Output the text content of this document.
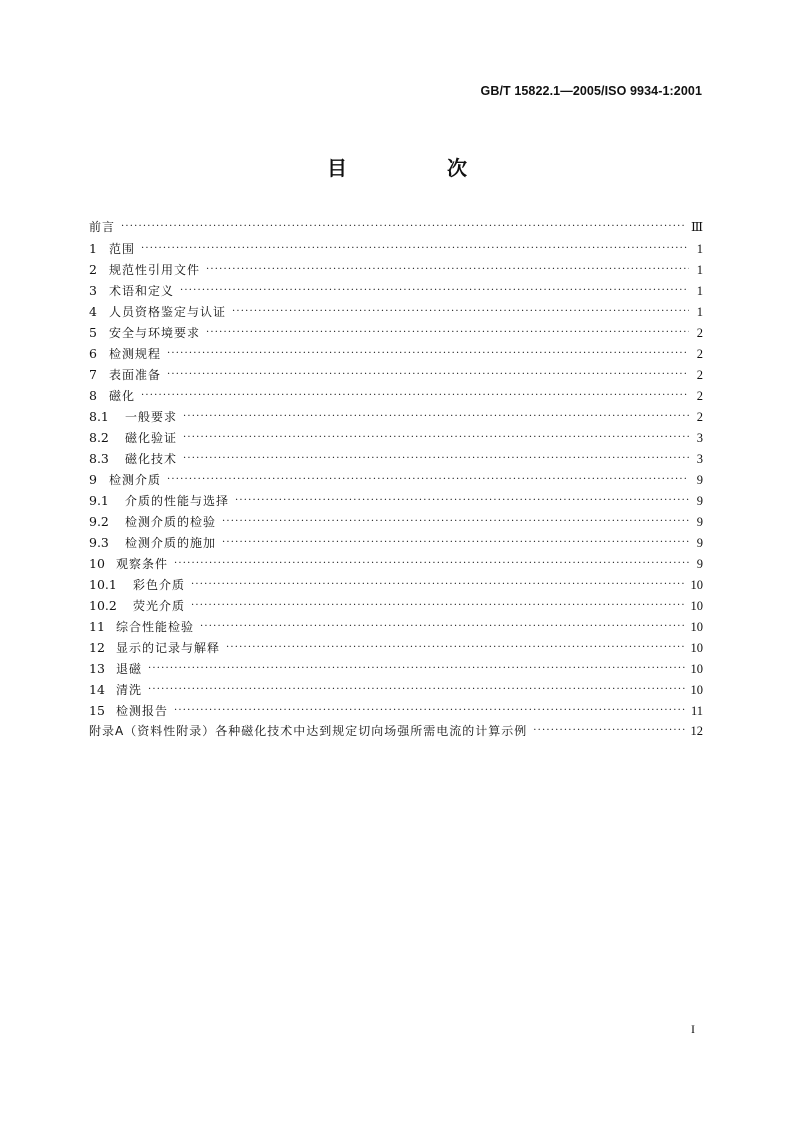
GB/T 15822.1—2005/ISO 9934-1:2001
目　次
前言 ·····	Ⅲ
1	范围 ·····	1
2	规范性引用文件 ·····	1
3	术语和定义 ·····	1
4	人员资格鉴定与认证 ·····	1
5	安全与环境要求 ·····	2
6	检测规程 ·····	2
7	表面准备 ·····	2
8	磁化 ·····	2
8.1	一般要求 ·····	2
8.2	磁化验证 ·····	3
8.3	磁化技术 ·····	3
9	检测介质 ·····	9
9.1	介质的性能与选择 ·····	9
9.2	检测介质的检验 ·····	9
9.3	检测介质的施加 ·····	9
10 观察条件 ·····	9
10.1	彩色介质 ·····	10
10.2	荧光介质 ·····	10
11 综合性能检验 ·····	10
12 显示的记录与解释 ·····	10
13 退磁 ·····	10
14 清洗 ·····	10
15 检测报告 ·····	11
附录A（资料性附录）各种磁化技术中达到规定切向场强所需电流的计算示例 ·····	12
I
